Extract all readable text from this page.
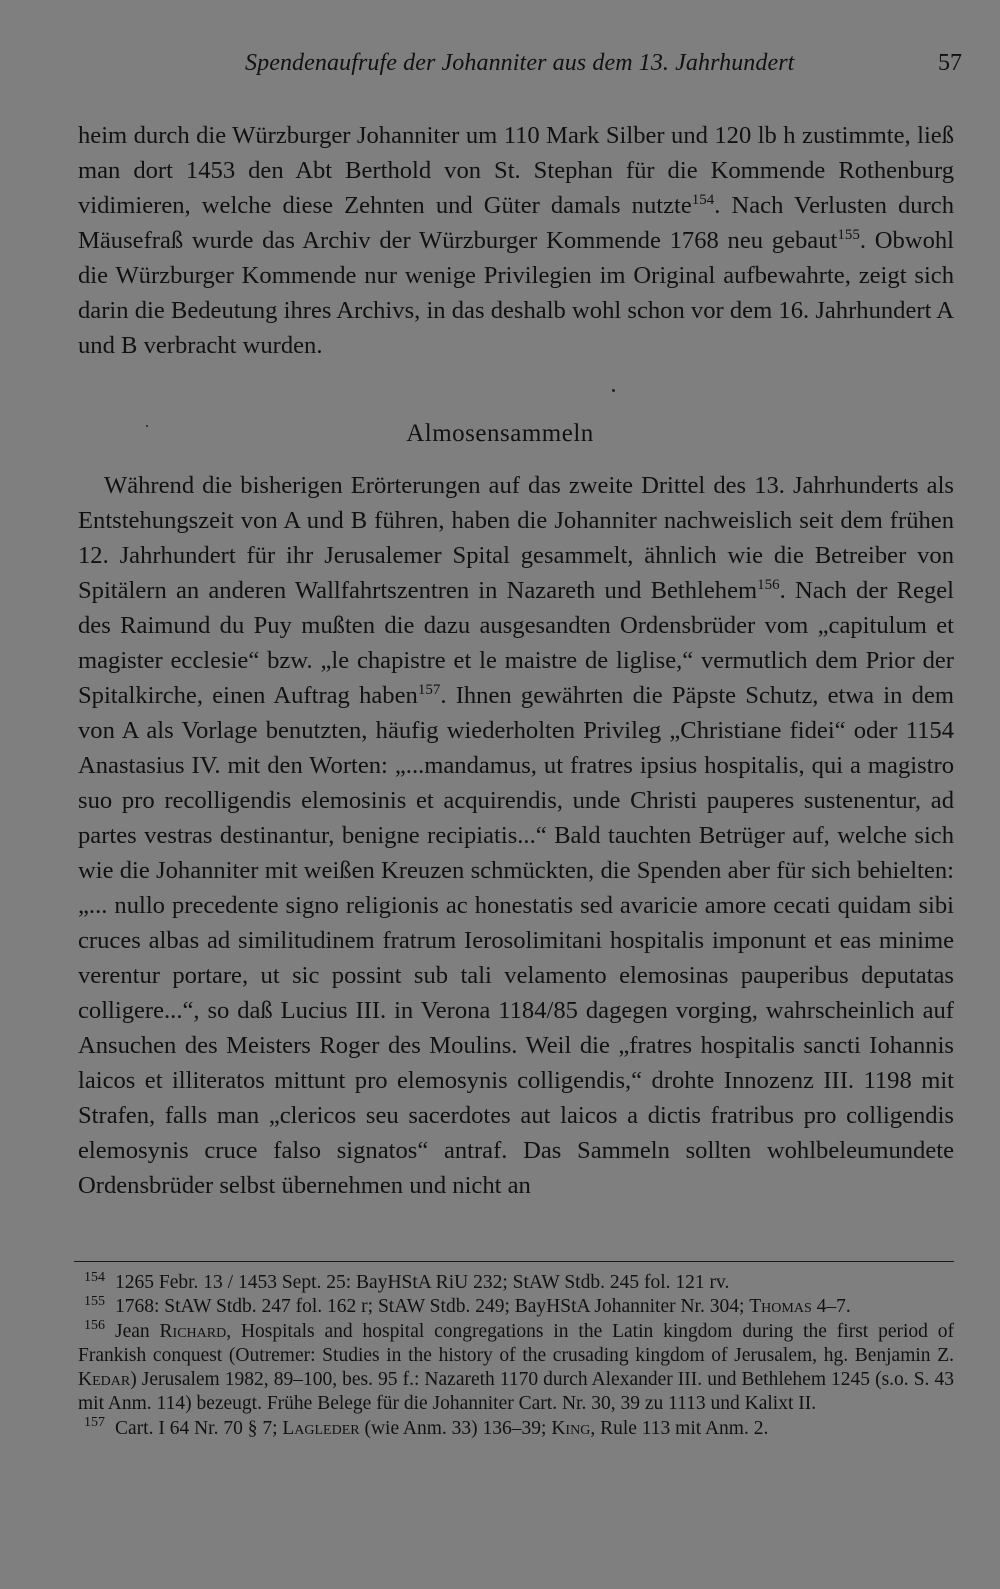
Spendenaufrufe der Johanniter aus dem 13. Jahrhundert	57
heim durch die Würzburger Johanniter um 110 Mark Silber und 120 lb h zustimmte, ließ man dort 1453 den Abt Berthold von St. Stephan für die Kommende Rothenburg vidimieren, welche diese Zehnten und Güter damals nutzte$^{154}$. Nach Verlusten durch Mäusefraß wurde das Archiv der Würzburger Kommende 1768 neu gebaut$^{155}$. Obwohl die Würzburger Kommende nur wenige Privilegien im Original aufbewahrte, zeigt sich darin die Bedeutung ihres Archivs, in das deshalb wohl schon vor dem 16. Jahrhundert A und B verbracht wurden.
Almosensammeln
Während die bisherigen Erörterungen auf das zweite Drittel des 13. Jahrhunderts als Entstehungszeit von A und B führen, haben die Johanniter nachweislich seit dem frühen 12. Jahrhundert für ihr Jerusalemer Spital gesammelt, ähnlich wie die Betreiber von Spitälern an anderen Wallfahrtszentren in Nazareth und Bethlehem$^{156}$. Nach der Regel des Raimund du Puy mußten die dazu ausgesandten Ordensbrüder vom „capitulum et magister ecclesie“ bzw. „le chapistre et le maistre de liglise,“ vermutlich dem Prior der Spitalkirche, einen Auftrag haben$^{157}$. Ihnen gewährten die Päpste Schutz, etwa in dem von A als Vorlage benutzten, häufig wiederholten Privileg „Christiane fidei“ oder 1154 Anastasius IV. mit den Worten: „...mandamus, ut fratres ipsius hospitalis, qui a magistro suo pro recolligendis elemosinis et acquirendis, unde Christi pauperes sustenentur, ad partes vestras destinantur, benigne recipiatis...“ Bald tauchten Betrüger auf, welche sich wie die Johanniter mit weißen Kreuzen schmückten, die Spenden aber für sich behielten: „... nullo precedente signo religionis ac honestatis sed avaricie amore cecati quidam sibi cruces albas ad similitudinem fratrum Ierosolimitani hospitalis imponunt et eas minime verentur portare, ut sic possint sub tali velamento elemosinas pauperibus deputatas colligere...“, so daß Lucius III. in Verona 1184/85 dagegen vorging, wahrscheinlich auf Ansuchen des Meisters Roger des Moulins. Weil die „fratres hospitalis sancti Iohannis laicos et illiteratos mittunt pro elemosynis colligendis,“ drohte Innozenz III. 1198 mit Strafen, falls man „clericos seu sacerdotes aut laicos a dictis fratribus pro colligendis elemosynis cruce falso signatos“ antraf. Das Sammeln sollten wohlbeleumundete Ordensbrüder selbst übernehmen und nicht an
$^{154}$ 1265 Febr. 13 / 1453 Sept. 25: BayHStA RiU 232; StAW Stdb. 245 fol. 121 rv.
$^{155}$ 1768: StAW Stdb. 247 fol. 162 r; StAW Stdb. 249; BayHStA Johanniter Nr. 304; Thomas 4–7.
$^{156}$ Jean Richard, Hospitals and hospital congregations in the Latin kingdom during the first period of Frankish conquest (Outremer: Studies in the history of the crusading kingdom of Jerusalem, hg. Benjamin Z. Kedar) Jerusalem 1982, 89–100, bes. 95 f.: Nazareth 1170 durch Alexander III. und Bethlehem 1245 (s.o. S. 43 mit Anm. 114) bezeugt. Frühe Belege für die Johanniter Cart. Nr. 30, 39 zu 1113 und Kalixt II.
$^{157}$ Cart. I 64 Nr. 70 § 7; Lagleder (wie Anm. 33) 136–39; King, Rule 113 mit Anm. 2.
